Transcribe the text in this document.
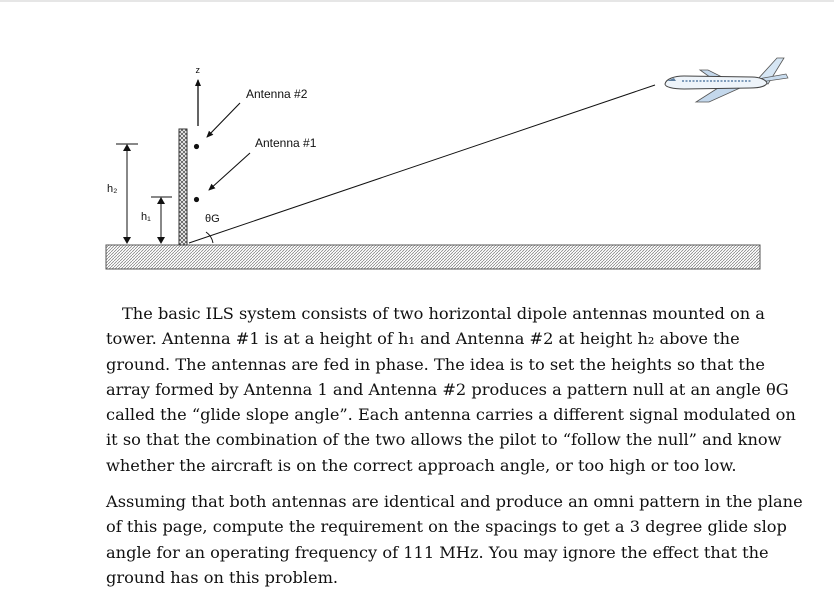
z
Antenna #2
Antenna #1
h₂
h₁	θG

The basic ILS system consists of two horizontal dipole antennas mounted on a tower. Antenna #1 is at a height of h₁ and Antenna #2 at height h₂ above the ground. The antennas are fed in phase. The idea is to set the heights so that the array formed by Antenna 1 and Antenna #2 produces a pattern null at an angle θG called the “glide slope angle”. Each antenna carries a different signal modulated on it so that the combination of the two allows the pilot to “follow the null” and know whether the aircraft is on the correct approach angle, or too high or too low.

Assuming that both antennas are identical and produce an omni pattern in the plane of this page, compute the requirement on the spacings to get a 3 degree glide slop angle for an operating frequency of 111 MHz. You may ignore the effect that the ground has on this problem.
